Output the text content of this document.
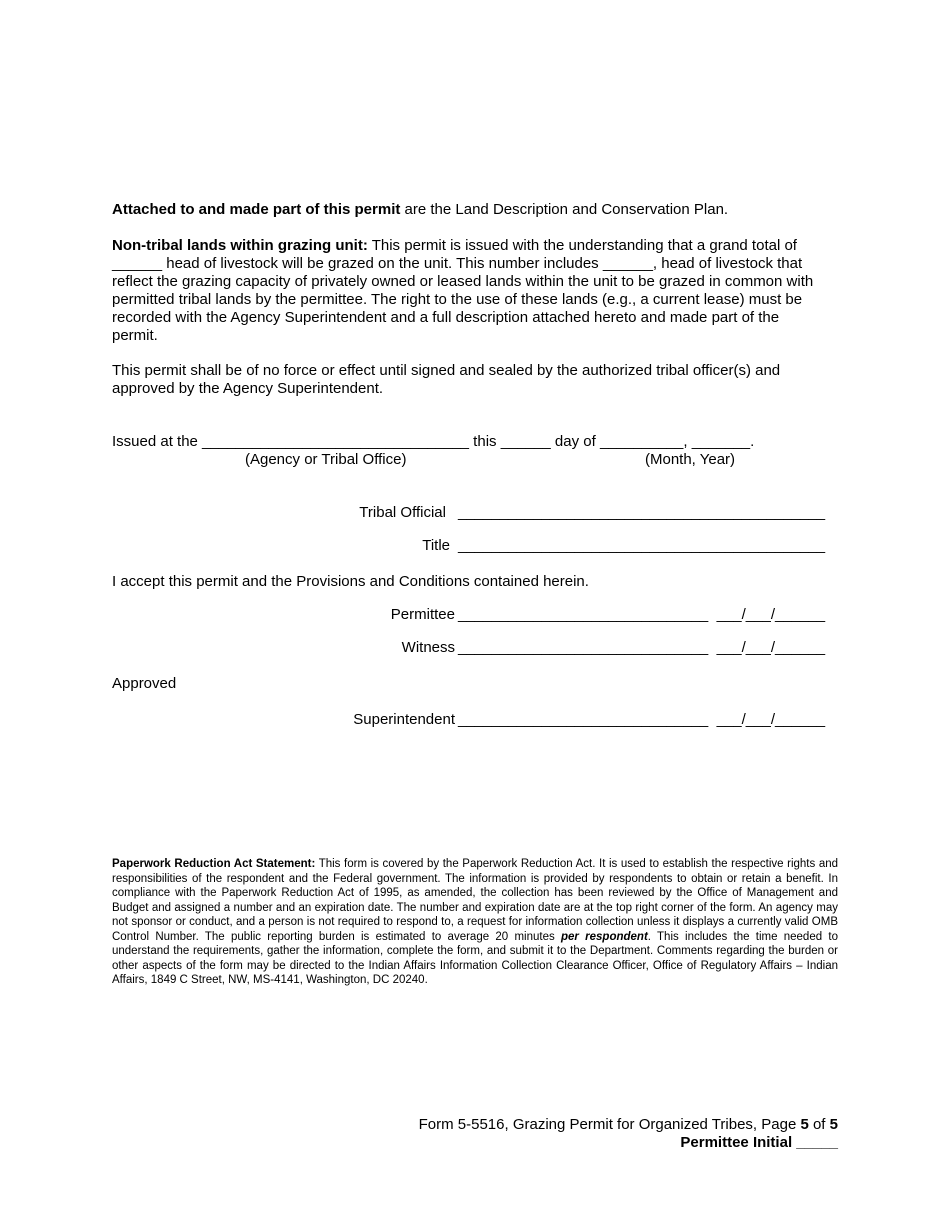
Attached to and made part of this permit are the Land Description and Conservation Plan.
Non-tribal lands within grazing unit: This permit is issued with the understanding that a grand total of
______ head of livestock will be grazed on the unit. This number includes ______, head of livestock that
reflect the grazing capacity of privately owned or leased lands within the unit to be grazed in common with
permitted tribal lands by the permittee. The right to the use of these lands (e.g., a current lease) must be
recorded with the Agency Superintendent and a full description attached hereto and made part of the
permit.
This permit shall be of no force or effect until signed and sealed by the authorized tribal officer(s) and
approved by the Agency Superintendent.
Issued at the ________________________________ this ______ day of __________, _______.
(Agency or Tribal Office)	(Month, Year)
Tribal Official ____________________________________________
Title ____________________________________________
I accept this permit and the Provisions and Conditions contained herein.
Permittee ______________________________  ___/___/______
Witness ______________________________  ___/___/______
Approved
Superintendent ______________________________  ___/___/______
Paperwork Reduction Act Statement: This form is covered by the Paperwork Reduction Act. It is used to establish the respective rights and responsibilities of the respondent and the Federal government. The information is provided by respondents to obtain or retain a benefit. In compliance with the Paperwork Reduction Act of 1995, as amended, the collection has been reviewed by the Office of Management and Budget and assigned a number and an expiration date. The number and expiration date are at the top right corner of the form. An agency may not sponsor or conduct, and a person is not required to respond to, a request for information collection unless it displays a currently valid OMB Control Number. The public reporting burden is estimated to average 20 minutes per respondent. This includes the time needed to understand the requirements, gather the information, complete the form, and submit it to the Department. Comments regarding the burden or other aspects of the form may be directed to the Indian Affairs Information Collection Clearance Officer, Office of Regulatory Affairs – Indian Affairs, 1849 C Street, NW, MS-4141, Washington, DC 20240.
Form 5-5516, Grazing Permit for Organized Tribes, Page 5 of 5
Permittee Initial _____
